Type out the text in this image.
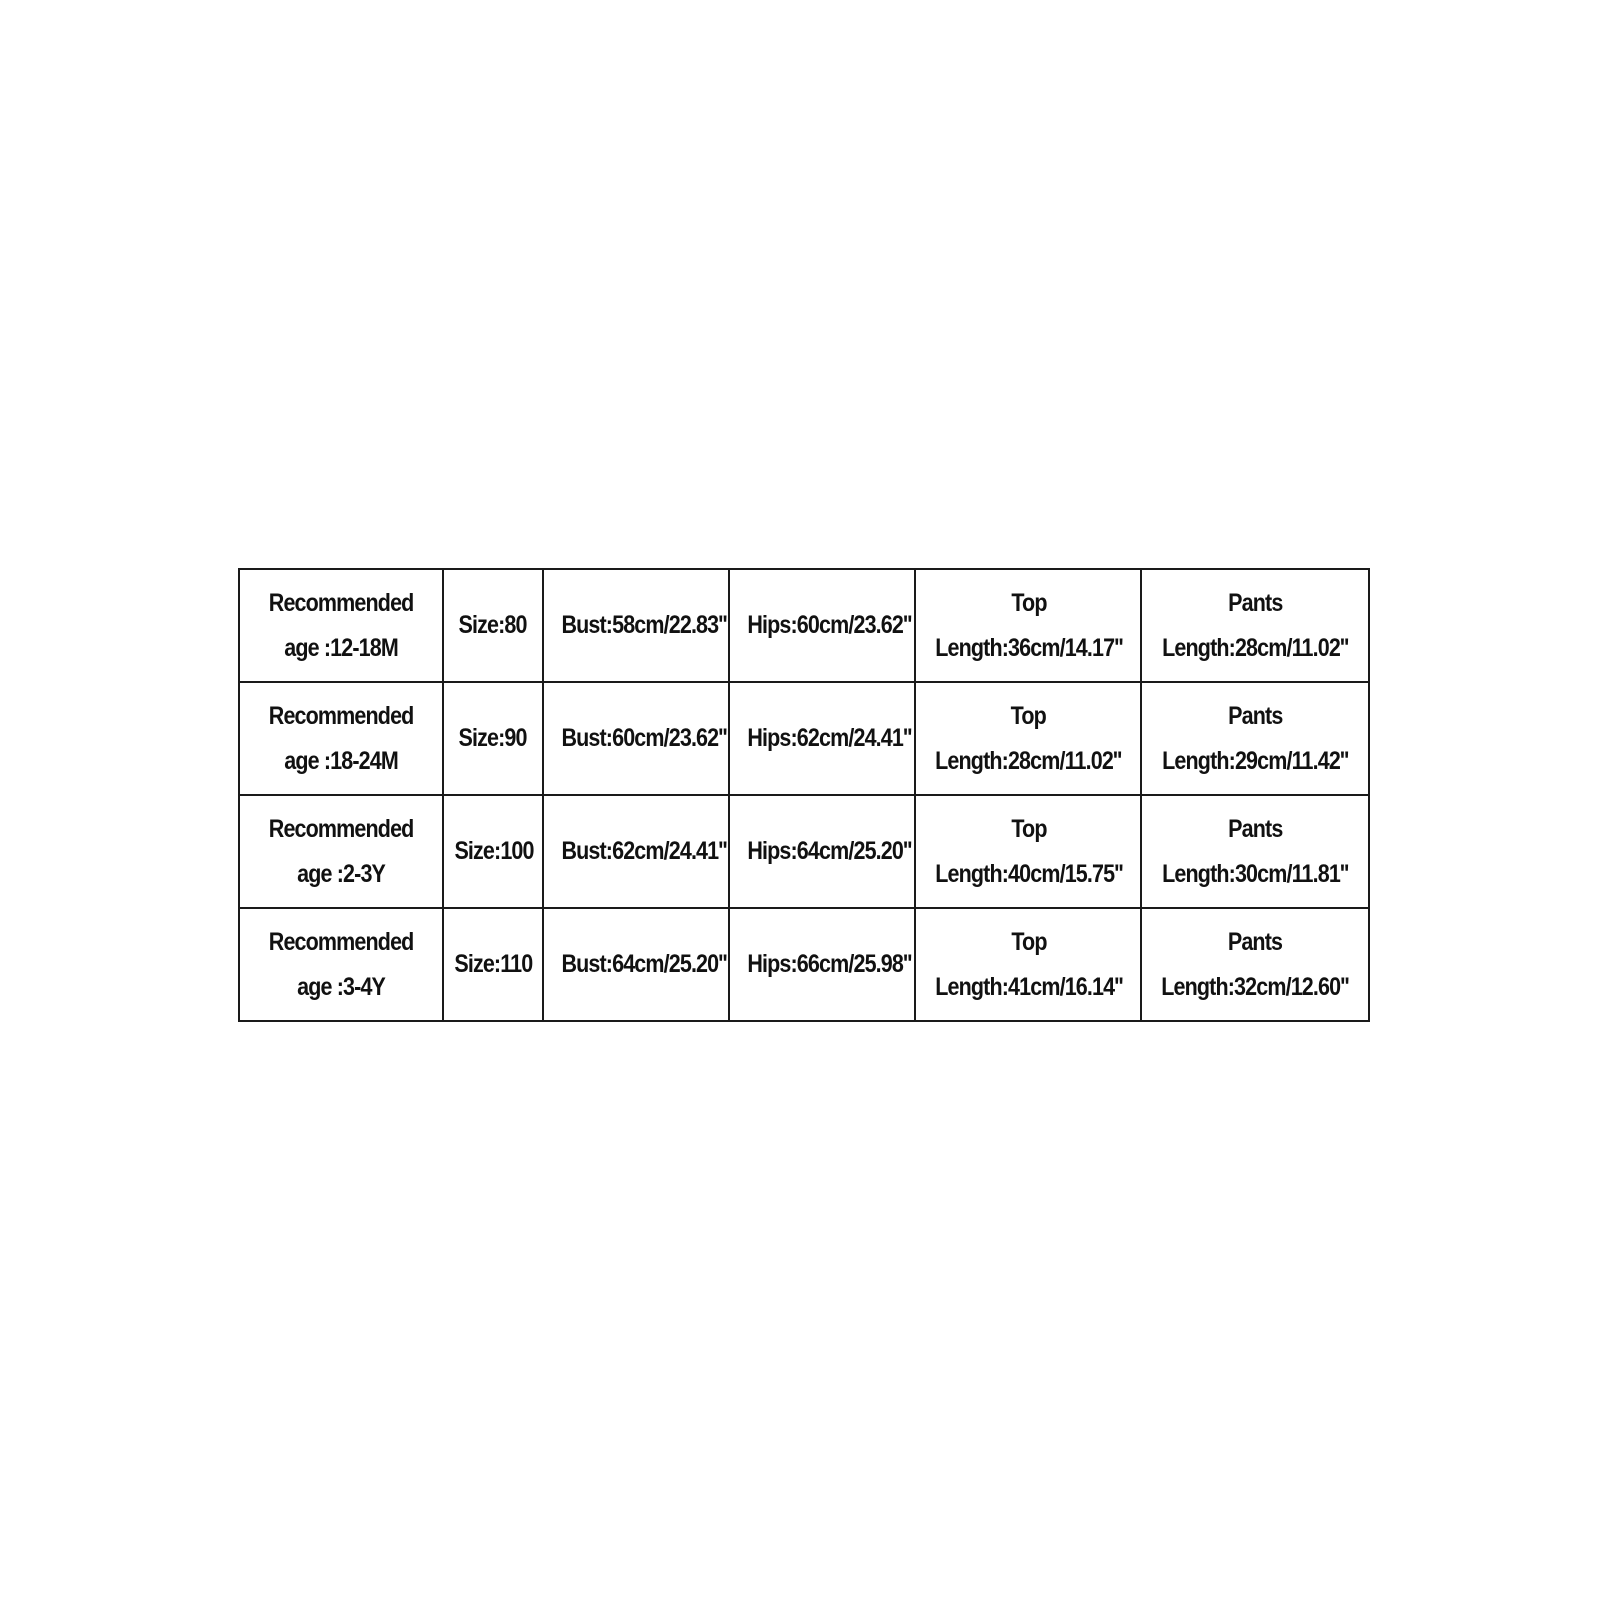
Recommended
age :12-18M	Size:80	Bust:58cm/22.83''	Hips:60cm/23.62''	Top
Length:36cm/14.17''	Pants
Length:28cm/11.02''

Recommended
age :18-24M	Size:90	Bust:60cm/23.62''	Hips:62cm/24.41''	Top
Length:28cm/11.02''	Pants
Length:29cm/11.42''

Recommended
age :2-3Y	Size:100	Bust:62cm/24.41''	Hips:64cm/25.20''	Top
Length:40cm/15.75''	Pants
Length:30cm/11.81''

Recommended
age :3-4Y	Size:110	Bust:64cm/25.20''	Hips:66cm/25.98''	Top
Length:41cm/16.14''	Pants
Length:32cm/12.60''
